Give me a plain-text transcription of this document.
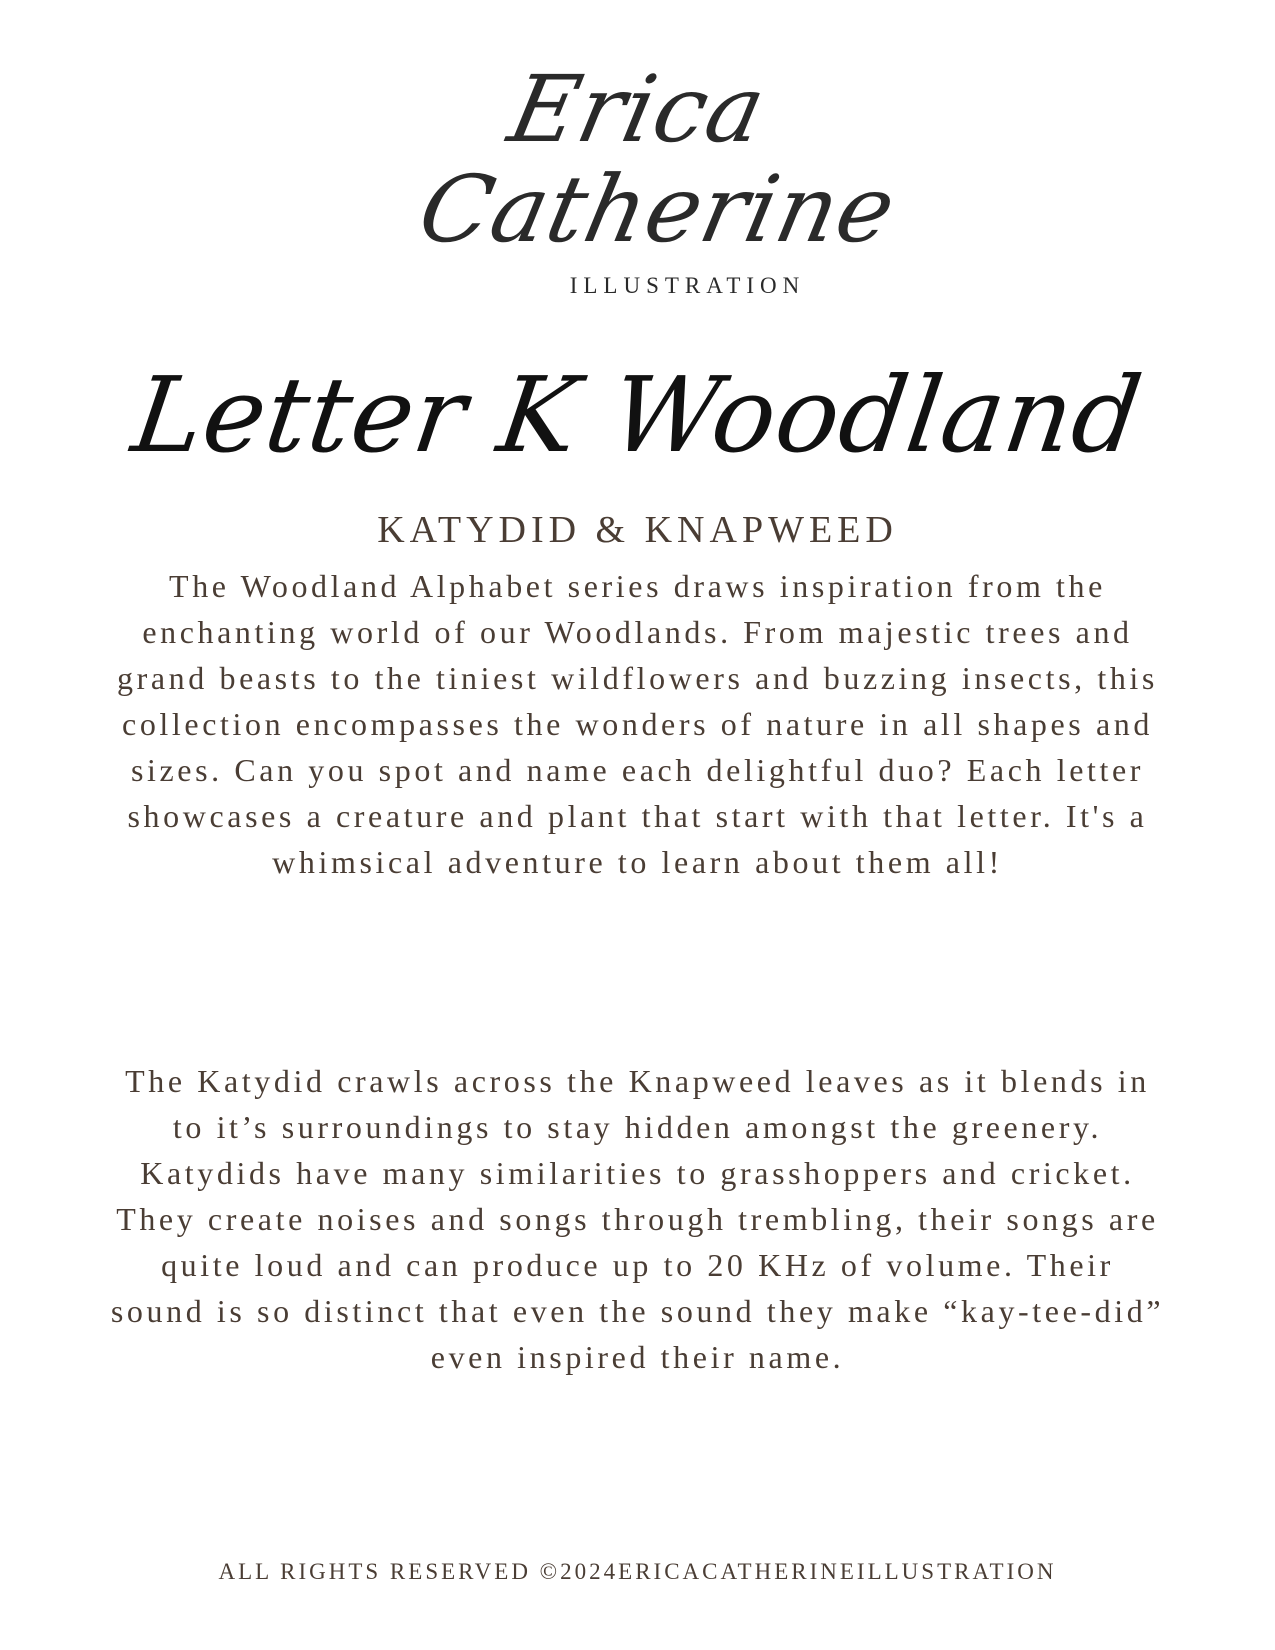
Erica
Catherine
ILLUSTRATION
Letter K Woodland
KATYDID & KNAPWEED
The Woodland Alphabet series draws inspiration from the enchanting world of our Woodlands. From majestic trees and grand beasts to the tiniest wildflowers and buzzing insects, this collection encompasses the wonders of nature in all shapes and sizes. Can you spot and name each delightful duo? Each letter showcases a creature and plant that start with that letter. It's a whimsical adventure to learn about them all!
The Katydid crawls across the Knapweed leaves as it blends in to it’s surroundings to stay hidden amongst the greenery. Katydids have many similarities to grasshoppers and cricket. They create noises and songs through trembling, their songs are quite loud and can produce up to 20 KHz of volume. Their sound is so distinct that even the sound they make “kay-tee-did” even inspired their name.
ALL RIGHTS RESERVED ©2024ERICACATHERINEILLUSTRATION
